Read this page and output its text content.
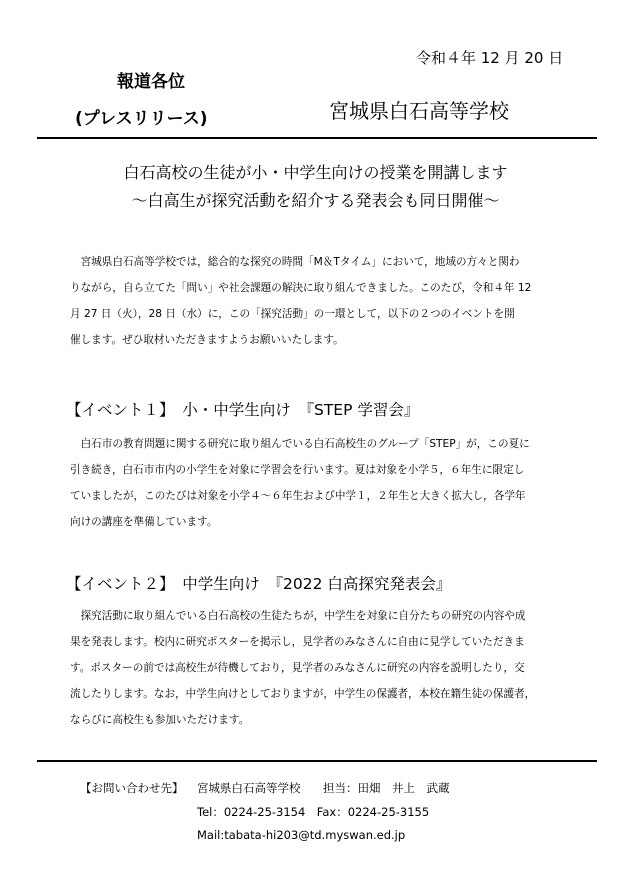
令和４年 12 月 20 日
報道各位
(プレスリリース)	宮城県白石高等学校
白石高校の生徒が小・中学生向けの授業を開講します
～白高生が探究活動を紹介する発表会も同日開催～
　宮城県白石高等学校では，総合的な探究の時間「M＆Tタイム」において，地域の方々と関わ
りながら，自ら立てた「問い」や社会課題の解決に取り組んできました。このたび，令和４年 12
月 27 日（火），28 日（水）に，この「探究活動」の一環として，以下の２つのイベントを開
催します。ぜひ取材いただきますようお願いいたします。
【イベント１】　小・中学生向け　『STEP 学習会』
　白石市の教育問題に関する研究に取り組んでいる白石高校生のグループ「STEP」が，この夏に
引き続き，白石市市内の小学生を対象に学習会を行います。夏は対象を小学５，６年生に限定し
ていましたが，このたびは対象を小学４～６年生および中学１，２年生と大きく拡大し，各学年
向けの講座を準備しています。
【イベント２】　中学生向け　『2022 白高探究発表会』
　探究活動に取り組んでいる白石高校の生徒たちが，中学生を対象に自分たちの研究の内容や成
果を発表します。校内に研究ポスターを掲示し，見学者のみなさんに自由に見学していただきま
す。ポスターの前では高校生が待機しており，見学者のみなさんに研究の内容を説明したり，交
流したりします。なお，中学生向けとしておりますが，中学生の保護者，本校在籍生徒の保護者，
ならびに高校生も参加いただけます。
【お問い合わせ先】 宮城県白石高等学校 担当：田畑　井上　武蔵
Tel：0224-25-3154　Fax：0224-25-3155
Mail:tabata-hi203@td.myswan.ed.jp
